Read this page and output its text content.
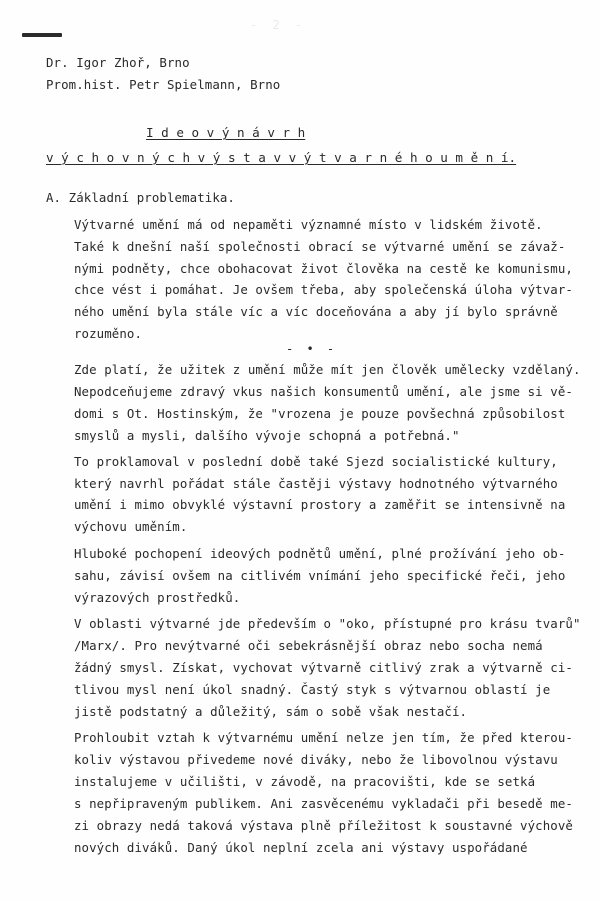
- 2 -
Dr. Igor Zhoř, Brno
Prom.hist. Petr Spielmann, Brno
I d e o v ý n á v r h
v ý c h o v n ý c h v ý s t a v v ý t v a r n é h o u m ě n í.
A. Základní problematika.
Výtvarné umění má od nepaměti významné místo v lidském životě.
Také k dnešní naší společnosti obrací se výtvarné umění se závaž-
nými podněty, chce obohacovat život člověka na cestě ke komunismu,
chce vést i pomáhat. Je ovšem třeba, aby společenská úloha výtvar-
ného umění byla stále víc a víc doceňována a aby jí bylo správně
rozuměno.
- • -
Zde platí, že užitek z umění může mít jen člověk umělecky vzdělaný.
Nepodceňujeme zdravý vkus našich konsumentů umění, ale jsme si vě-
domi s Ot. Hostinským, že "vrozena je pouze povšechná způsobilost
smyslů a mysli, dalšího vývoje schopná a potřebná."
To proklamoval v poslední době také Sjezd socialistické kultury,
který navrhl pořádat stále častěji výstavy hodnotného výtvarného
umění i mimo obvyklé výstavní prostory a zaměřit se intensivně na
výchovu uměním.
Hluboké pochopení ideových podnětů umění, plné prožívání jeho ob-
sahu, závisí ovšem na citlivém vnímání jeho specifické řeči, jeho
výrazových prostředků.
V oblasti výtvarné jde především o "oko, přístupné pro krásu tvarů"
/Marx/. Pro nevýtvarné oči sebekrásnější obraz nebo socha nemá
žádný smysl. Získat, vychovat výtvarně citlivý zrak a výtvarně ci-
tlivou mysl není úkol snadný. Častý styk s výtvarnou oblastí je
jistě podstatný a důležitý, sám o sobě však nestačí.
Prohloubit vztah k výtvarnému umění nelze jen tím, že před kterou-
koliv výstavou přivedeme nové diváky, nebo že libovolnou výstavu
instalujeme v učilišti, v závodě, na pracovišti, kde se setká
s nepřipraveným publikem. Ani zasvěcenému vykladači při besedě me-
zi obrazy nedá taková výstava plně příležitost k soustavné výchově
nových diváků. Daný úkol neplní zcela ani výstavy uspořádané
